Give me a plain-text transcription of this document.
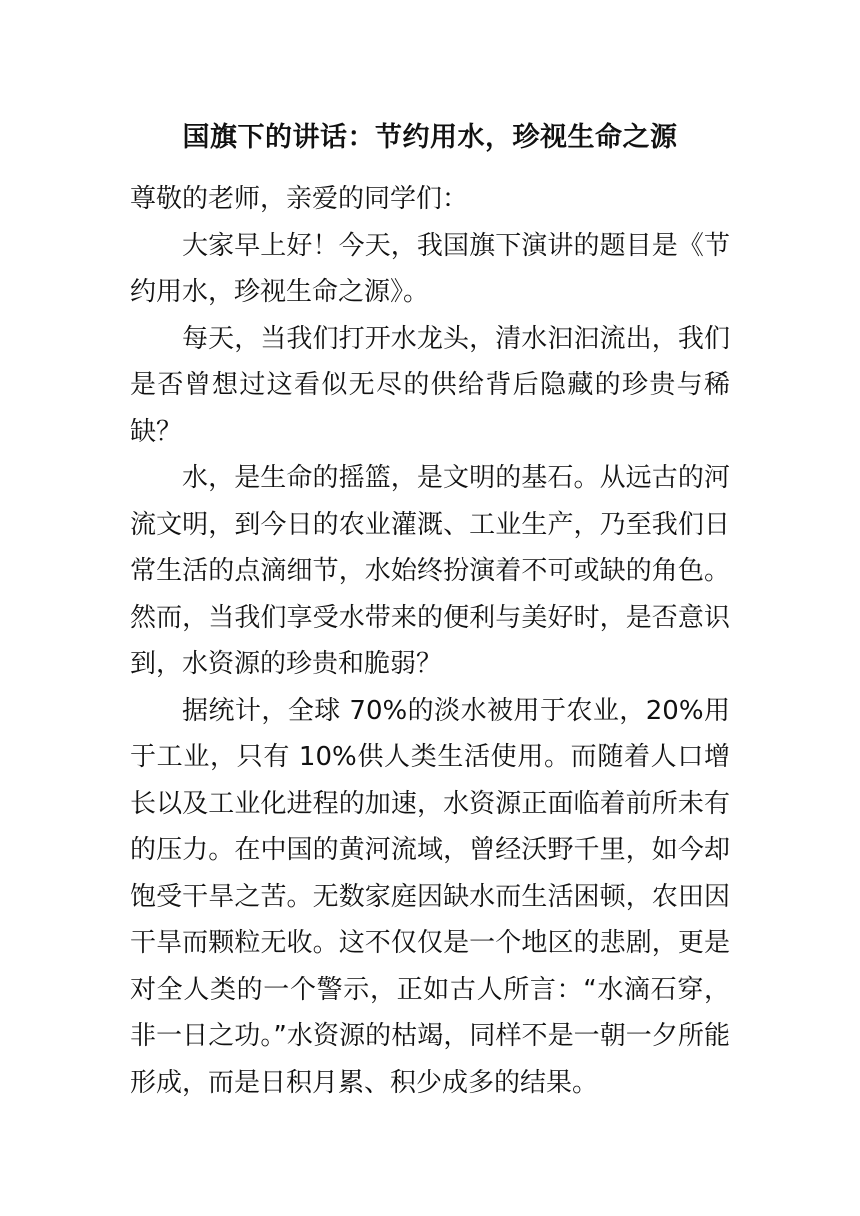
国旗下的讲话：节约用水，珍视生命之源

尊敬的老师，亲爱的同学们：

大家早上好！今天，我国旗下演讲的题目是《节约用水，珍视生命之源》。

每天，当我们打开水龙头，清水汩汩流出，我们是否曾想过这看似无尽的供给背后隐藏的珍贵与稀缺？

水，是生命的摇篮，是文明的基石。从远古的河流文明，到今日的农业灌溉、工业生产，乃至我们日常生活的点滴细节，水始终扮演着不可或缺的角色。然而，当我们享受水带来的便利与美好时，是否意识到，水资源的珍贵和脆弱？

据统计，全球 70%的淡水被用于农业，20%用于工业，只有 10%供人类生活使用。而随着人口增长以及工业化进程的加速，水资源正面临着前所未有的压力。在中国的黄河流域，曾经沃野千里，如今却饱受干旱之苦。无数家庭因缺水而生活困顿，农田因干旱而颗粒无收。这不仅仅是一个地区的悲剧，更是对全人类的一个警示，正如古人所言：“水滴石穿，非一日之功。”水资源的枯竭，同样不是一朝一夕所能形成，而是日积月累、积少成多的结果。
